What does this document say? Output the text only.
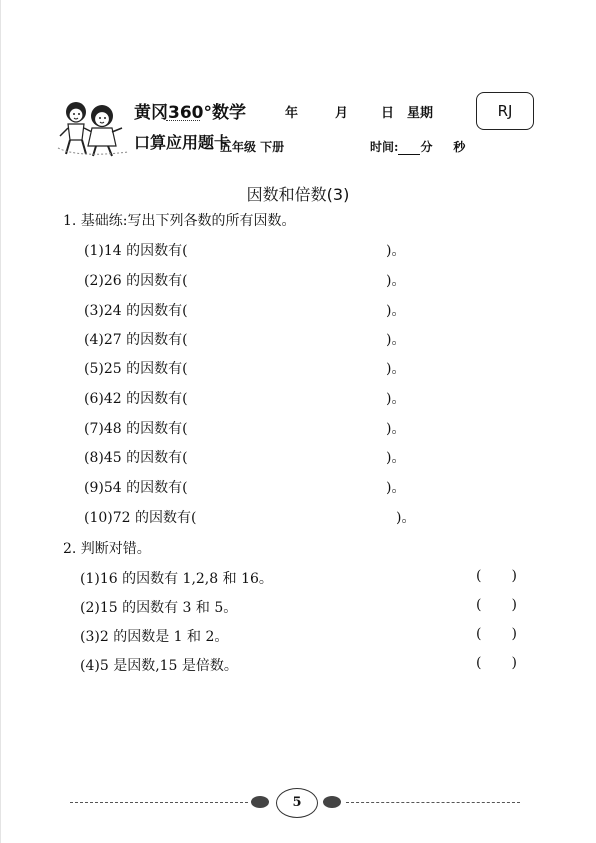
黄冈360°数学
口算应用题卡
年	月	日 星期
五年级 下册	时间: 分 秒
RJ
因数和倍数(3)
1. 基础练:写出下列各数的所有因数。
(1)14 的因数有(	)。
(2)26 的因数有(	)。
(3)24 的因数有(	)。
(4)27 的因数有(	)。
(5)25 的因数有(	)。
(6)42 的因数有(	)。
(7)48 的因数有(	)。
(8)45 的因数有(	)。
(9)54 的因数有(	)。
(10)72 的因数有(	)。
2. 判断对错。
(1)16 的因数有 1,2,8 和 16。	( )
(2)15 的因数有 3 和 5。	( )
(3)2 的因数是 1 和 2。	( )
(4)5 是因数,15 是倍数。	( )
5
